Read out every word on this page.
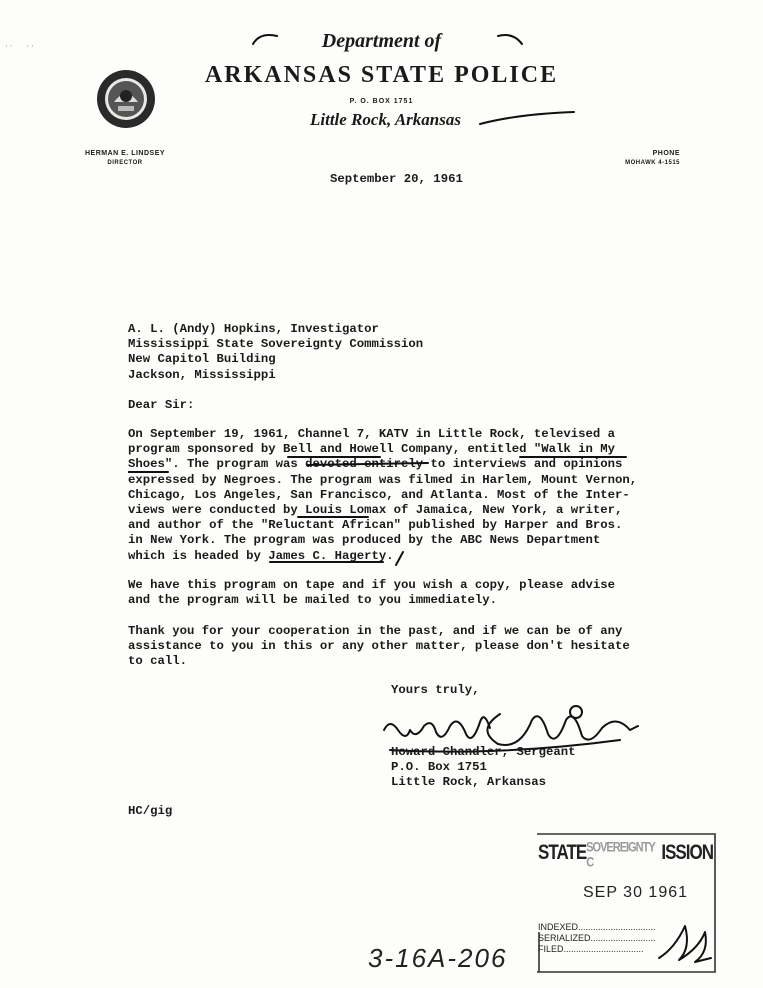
· ·       · ·	Department of
ARKANSAS STATE POLICE
P. O. BOX 1751
Little Rock, Arkansas
HERMAN E. LINDSEY
DIRECTOR
PHONE
MOHAWK 4-1515
September 20, 1961
A. L. (Andy) Hopkins, Investigator
Mississippi State Sovereignty Commission
New Capitol Building
Jackson, Mississippi
Dear Sir:
On September 19, 1961, Channel 7, KATV in Little Rock, televised a
program sponsored by Bell and Howell Company, entitled "Walk in My
Shoes". The program was devoted entirely to interviews and opinions
expressed by Negroes. The program was filmed in Harlem, Mount Vernon,
Chicago, Los Angeles, San Francisco, and Atlanta. Most of the Inter-
views were conducted by Louis Lomax of Jamaica, New York, a writer,
and author of the "Reluctant African" published by Harper and Bros.
in New York. The program was produced by the ABC News Department
which is headed by James C. Hagerty.
We have this program on tape and if you wish a copy, please advise
and the program will be mailed to you immediately.
Thank you for your cooperation in the past, and if we can be of any
assistance to you in this or any other matter, please don't hesitate
to call.
Yours truly,
Howard Chandler, Sergeant
P.O. Box 1751
Little Rock, Arkansas
HC/gig
STATE SOVEREIGNTY C	ISSION
SEP 30 1961
INDEXED...............................
SERIALIZED..........................
FILED................................
3-16A-206
